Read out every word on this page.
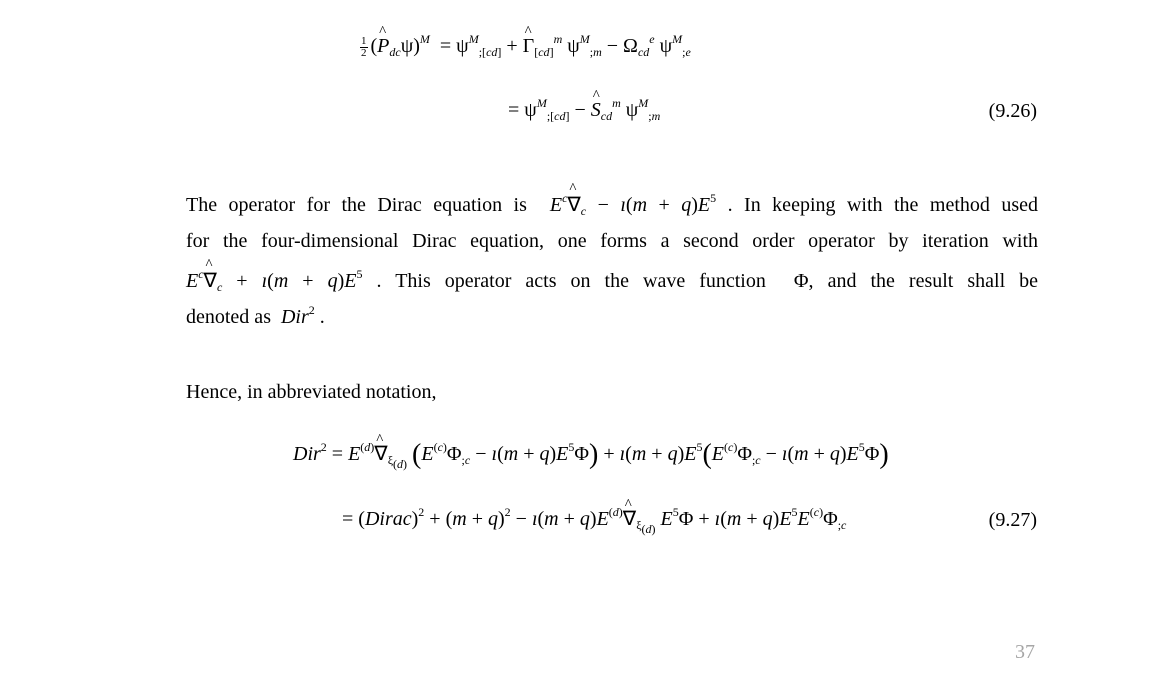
$\frac{1}{2}$ (^ $P_{dc}\psi)^M = \psi^M_{;[cd]}$ + ^ $\Gamma_{[cd]}^m$ $\psi^M_{;m} - \Omega_{cd}^e$ $\psi^M_{;e}$
= $\psi^M_{;[cd]}$ − ^ $S_{cd}^m$ $\psi^M_{;m}$	(9.26)
The operator for the Dirac equation is $E^c\^{}$ $\nabla_c$ − ı(m + $q)E^5$ . In keeping with the method used
for the four-dimensional Dirac equation, one forms a second order operator by iteration with
$E^c\^{}$ $\nabla_c$ + ı(m + $q)E^5$ . This operator acts on the wave function  Φ, and the result shall be
denoted as Dir$^2$ .
Hence, in abbreviated notation,
$Dir^2 = E^{(d)}\^{}$ $\nabla_{\xi_{(d)}}$ ($E^{(c)}\Phi_{;c}$ − ı(m + $q)E^5\Phi$) + ı(m + $q)E^5(E^{(c)}\Phi_{;c}$ − ı(m + $q)E^5\Phi$)
= (Dirac)$^2$ + $(m + q)^2$ − ı(m + $q)E^{(d)}\^{}$ $\nabla_{\xi_{(d)}}$ $E^5\Phi$ + ı(m + $q)E^5E^{(c)}\Phi_{;c}$	(9.27)
37
